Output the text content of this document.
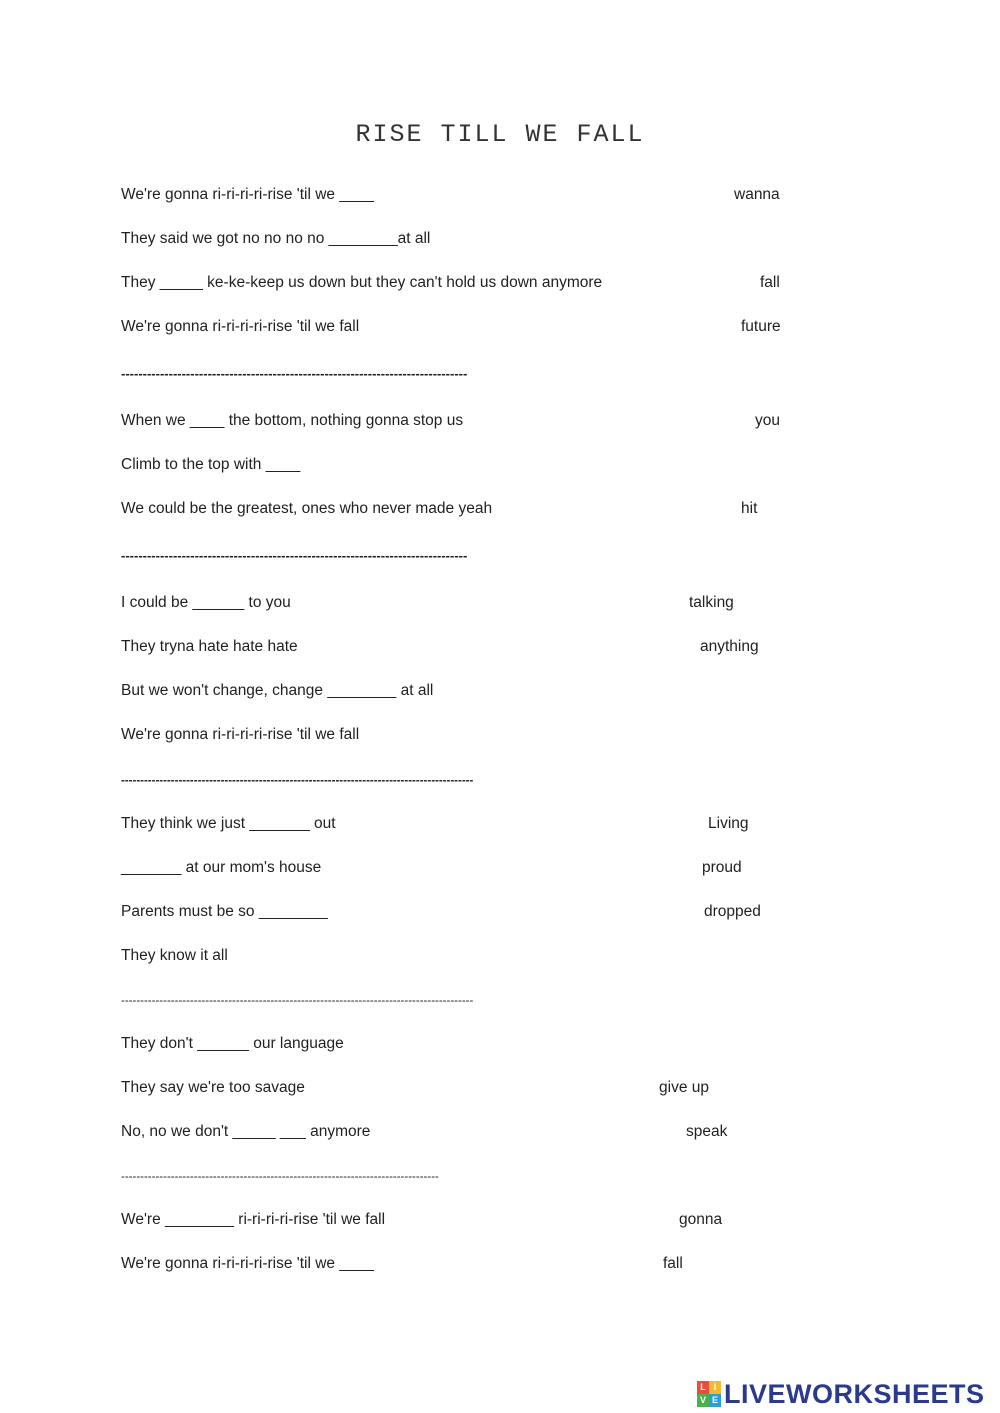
RISE TILL WE FALL
We're gonna ri-ri-ri-ri-rise 'til we ____
They said we got no no no no ________at all
They _____ ke-ke-keep us down but they can't hold us down anymore
We're gonna ri-ri-ri-ri-rise 'til we fall
wanna
fall
future
--------------------------------------------------------------------------------
When we ____ the bottom, nothing gonna stop us
Climb to the top with ____
We could be the greatest, ones who never made yeah
you
hit
--------------------------------------------------------------------------------
I could be ______ to you
They tryna hate hate hate
But we won't change, change ________ at all
We're gonna ri-ri-ri-ri-rise 'til we fall
talking
anything
--------------------------------------------------------------------------------------------
They think we just _______ out
_______ at our mom's house
Parents must be so ________
They know it all
Living
proud
dropped
--------------------------------------------------------------------------------------------
They don't ______ our language
They say we're too savage
No, no we don't _____ ___ anymore
give up
speak
-----------------------------------------------------------------------------------
We're ________ ri-ri-ri-ri-rise 'til we fall
We're gonna ri-ri-ri-ri-rise 'til we ____
gonna
fall
L I
V E LIVEWORKSHEETS
